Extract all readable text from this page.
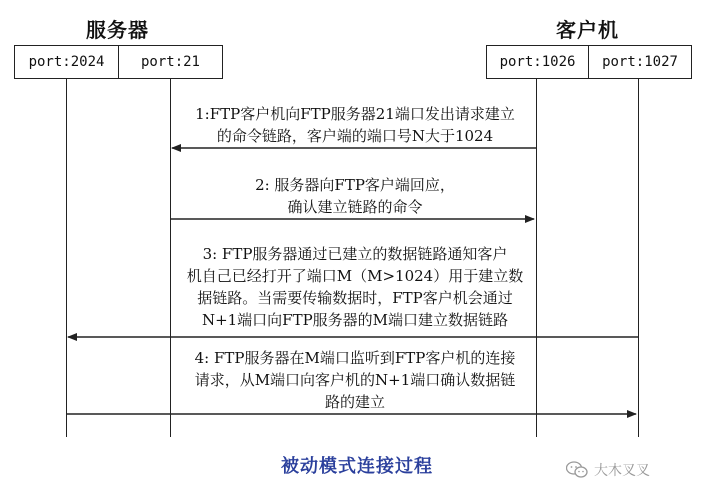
服务器	客户机
port:2024	port:21	port:1026	port:1027
1:FTP客户机向FTP服务器21端口发出请求建立
的命令链路，客户端的端口号N大于1024
2: 服务器向FTP客户端回应，
确认建立链路的命令
3: FTP服务器通过已建立的数据链路通知客户
机自己已经打开了端口M（M>1024）用于建立数
据链路。当需要传输数据时，FTP客户机会通过
N+1端口向FTP服务器的M端口建立数据链路
4: FTP服务器在M端口监听到FTP客户机的连接
请求，从M端口向客户机的N+1端口确认数据链
路的建立
被动模式连接过程	大木叉叉
